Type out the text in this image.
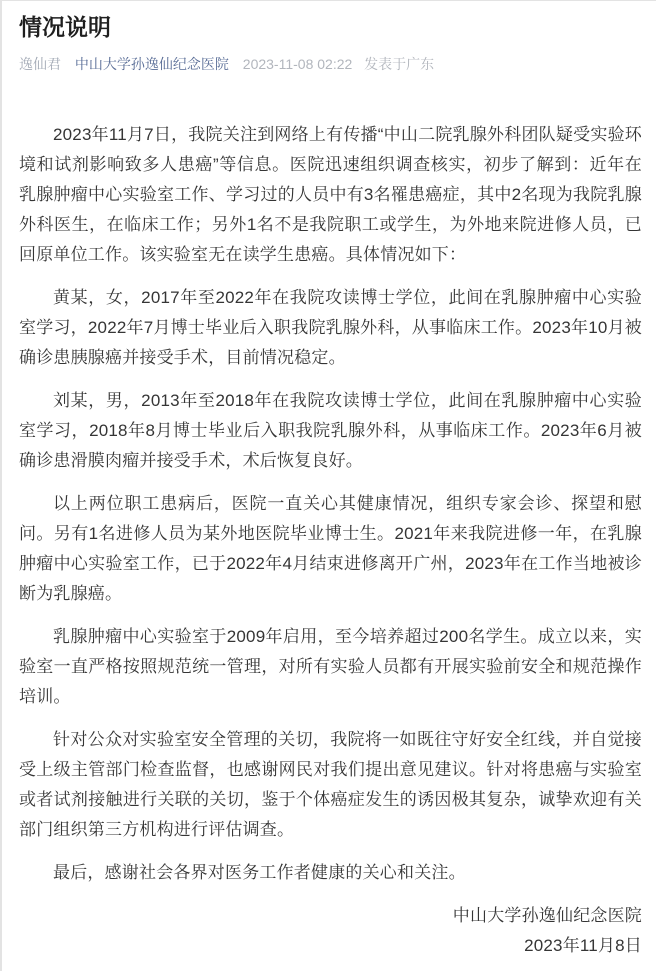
情况说明
逸仙君 中山大学孙逸仙纪念医院 2023-11-08 02:22 发表于广东

2023年11月7日，我院关注到网络上有传播“中山二院乳腺外科团队疑受实验环境和试剂影响致多人患癌”等信息。医院迅速组织调查核实，初步了解到：近年在乳腺肿瘤中心实验室工作、学习过的人员中有3名罹患癌症，其中2名现为我院乳腺外科医生，在临床工作；另外1名不是我院职工或学生，为外地来院进修人员，已回原单位工作。该实验室无在读学生患癌。具体情况如下：

黄某，女，2017年至2022年在我院攻读博士学位，此间在乳腺肿瘤中心实验室学习，2022年7月博士毕业后入职我院乳腺外科，从事临床工作。2023年10月被确诊患胰腺癌并接受手术，目前情况稳定。

刘某，男，2013年至2018年在我院攻读博士学位，此间在乳腺肿瘤中心实验室学习，2018年8月博士毕业后入职我院乳腺外科，从事临床工作。2023年6月被确诊患滑膜肉瘤并接受手术，术后恢复良好。

以上两位职工患病后，医院一直关心其健康情况，组织专家会诊、探望和慰问。另有1名进修人员为某外地医院毕业博士生。2021年来我院进修一年，在乳腺肿瘤中心实验室工作，已于2022年4月结束进修离开广州，2023年在工作当地被诊断为乳腺癌。

乳腺肿瘤中心实验室于2009年启用，至今培养超过200名学生。成立以来，实验室一直严格按照规范统一管理，对所有实验人员都有开展实验前安全和规范操作培训。

针对公众对实验室安全管理的关切，我院将一如既往守好安全红线，并自觉接受上级主管部门检查监督，也感谢网民对我们提出意见建议。针对将患癌与实验室或者试剂接触进行关联的关切，鉴于个体癌症发生的诱因极其复杂，诚挚欢迎有关部门组织第三方机构进行评估调查。

最后，感谢社会各界对医务工作者健康的关心和关注。

中山大学孙逸仙纪念医院
2023年11月8日
